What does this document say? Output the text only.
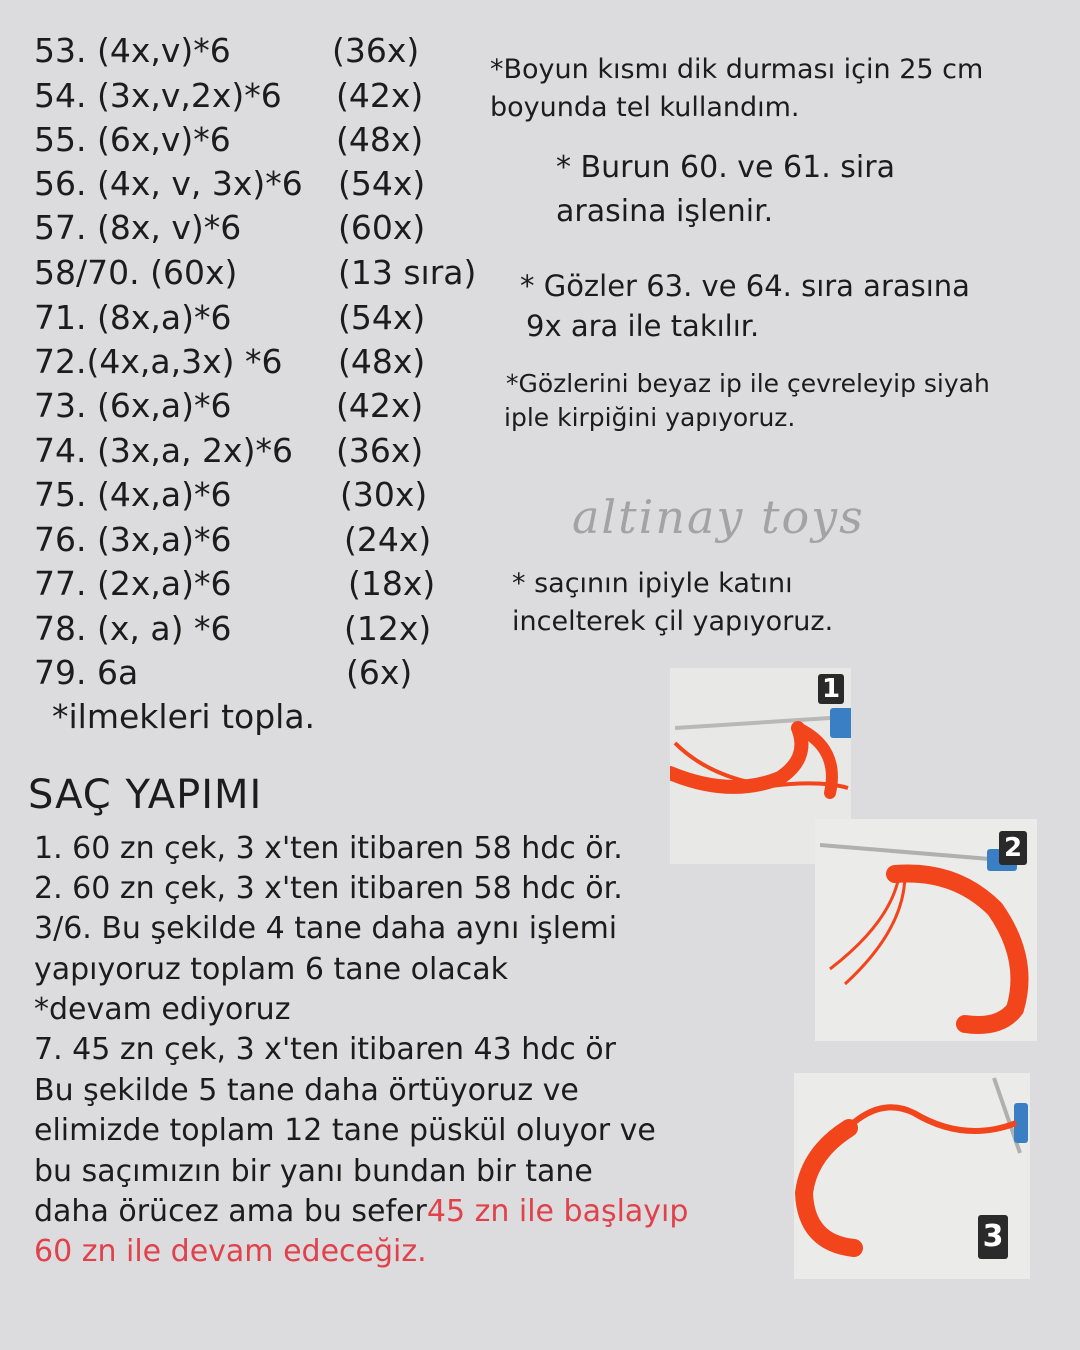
53. (4x,v)*6	(36x)
54. (3x,v,2x)*6 (42x)
55. (6x,v)*6	(48x)
56. (4x, v, 3x)*6 (54x)
57. (8x, v)*6	(60x)
58/70. (60x)	(13 sıra)
71. (8x,a)*6	(54x)
72.(4x,a,3x) *6 (48x)
73. (6x,a)*6	(42x)
74. (3x,a, 2x)*6 (36x)
75. (4x,a)*6	(30x)
76. (3x,a)*6	(24x)
77. (2x,a)*6	(18x)
78. (x, a) *6	(12x)
79. 6a	(6x)
*ilmekleri topla.
*Boyun kısmı dik durması için 25 cm
boyunda tel kullandım.
* Burun 60. ve 61. sira
arasina işlenir.
* Gözler 63. ve 64. sıra arasına
9x ara ile takılır.
*Gözlerini beyaz ip ile çevreleyip siyah
iple kirpiğini yapıyoruz.
altinay toys
* saçının ipiyle katını
incelterek çil yapıyoruz.
SAÇ YAPIMI
1. 60 zn çek, 3 x'ten itibaren 58 hdc ör.
2. 60 zn çek, 3 x'ten itibaren 58 hdc ör.
3/6. Bu şekilde 4 tane daha aynı işlemi
yapıyoruz toplam 6 tane olacak
*devam ediyoruz
7. 45 zn çek, 3 x'ten itibaren 43 hdc ör
Bu şekilde 5 tane daha örtüyoruz ve
elimizde toplam 12 tane püskül oluyor ve
bu saçımızın bir yanı bundan bir tane
daha örücez ama bu sefer45 zn ile başlayıp
60 zn ile devam edeceğiz.
1
2
3
